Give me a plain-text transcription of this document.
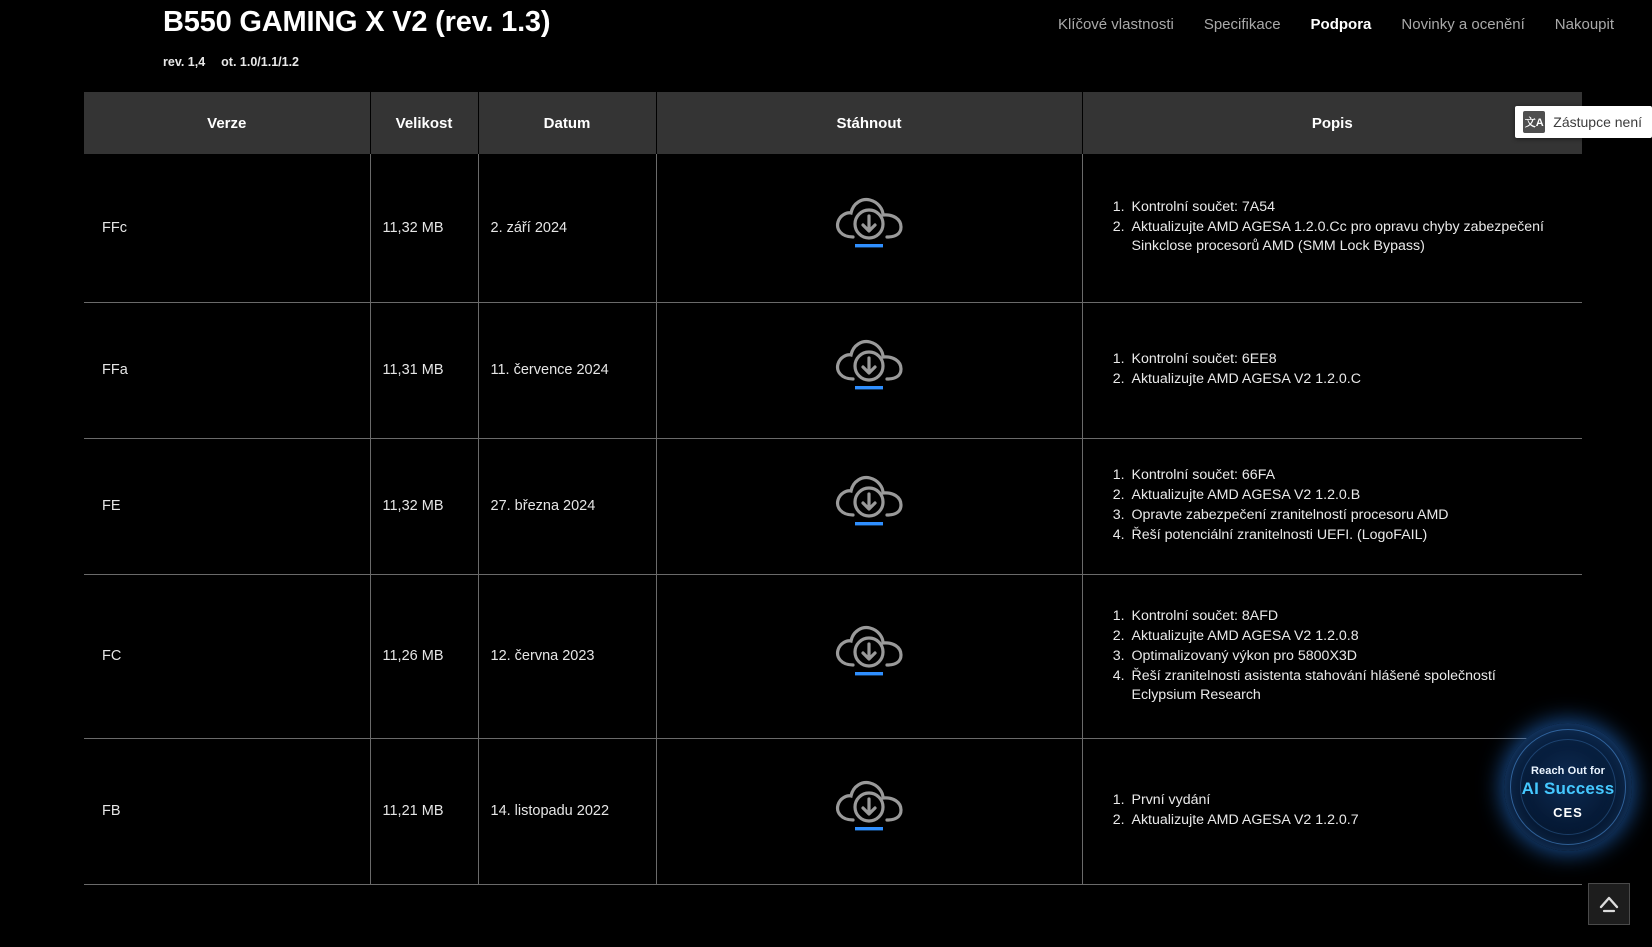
B550 GAMING X V2 (rev. 1.3)
rev. 1,4 ot. 1.0/1.1/1.2
Klíčové vlastnosti Specifikace Podpora Novinky a ocenění Nakoupit
Verze	Velikost	Datum	Stáhnout	Popis
FFc	11,32 MB	2. září 2024	

1. Kontrolní součet: 7A54
2. Aktualizujte AMD AGESA 1.2.0.Cc pro opravu chyby zabezpečení Sinkclose procesorů AMD (SMM Lock Bypass)

FFa	11,31 MB	11. července 2024	

1. Kontrolní součet: 6EE8
2. Aktualizujte AMD AGESA V2 1.2.0.C

FE	11,32 MB	27. března 2024	

1. Kontrolní součet: 66FA
2. Aktualizujte AMD AGESA V2 1.2.0.B
3. Opravte zabezpečení zranitelností procesoru AMD
4. Řeší potenciální zranitelnosti UEFI. (LogoFAIL)

FC	11,26 MB	12. června 2023	

1. Kontrolní součet: 8AFD
2. Aktualizujte AMD AGESA V2 1.2.0.8
3. Optimalizovaný výkon pro 5800X3D
4. Řeší zranitelnosti asistenta stahování hlášené společností Eclypsium Research

FB	11,21 MB	14. listopadu 2022	

1. První vydání
2. Aktualizujte AMD AGESA V2 1.2.0.7
文A Zástupce není
Reach Out for
AI Success
CES
